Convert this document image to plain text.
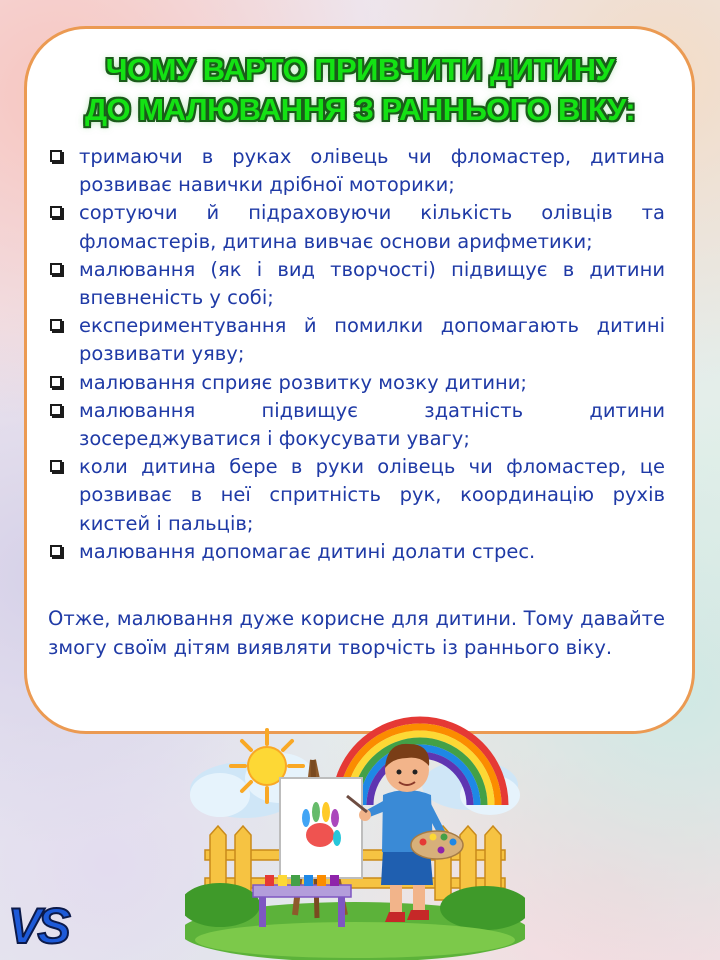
ЧОМУ ВАРТО ПРИВЧИТИ ДИТИНУ
ДО МАЛЮВАННЯ З РАННЬОГО ВІКУ:
тримаючи в руках олівець чи фломастер, дитина розвиває навички дрібної моторики;
сортуючи й підраховуючи кількість олівців та фломастерів, дитина вивчає основи арифметики;
малювання (як і вид творчості) підвищує в дитини впевненість у собі;
експериментування й помилки допомагають дитині розвивати уяву;
малювання сприяє розвитку мозку дитини;
малювання підвищує здатність дитини зосереджуватися і фокусувати увагу;
коли дитина бере в руки олівець чи фломастер, це розвиває в неї спритність рук, координацію рухів кистей і пальців;
малювання допомагає дитині долати стрес.

Отже, малювання дуже корисне для дитини. Тому давайте змогу своїм дітям виявляти творчість із раннього віку.

VS
